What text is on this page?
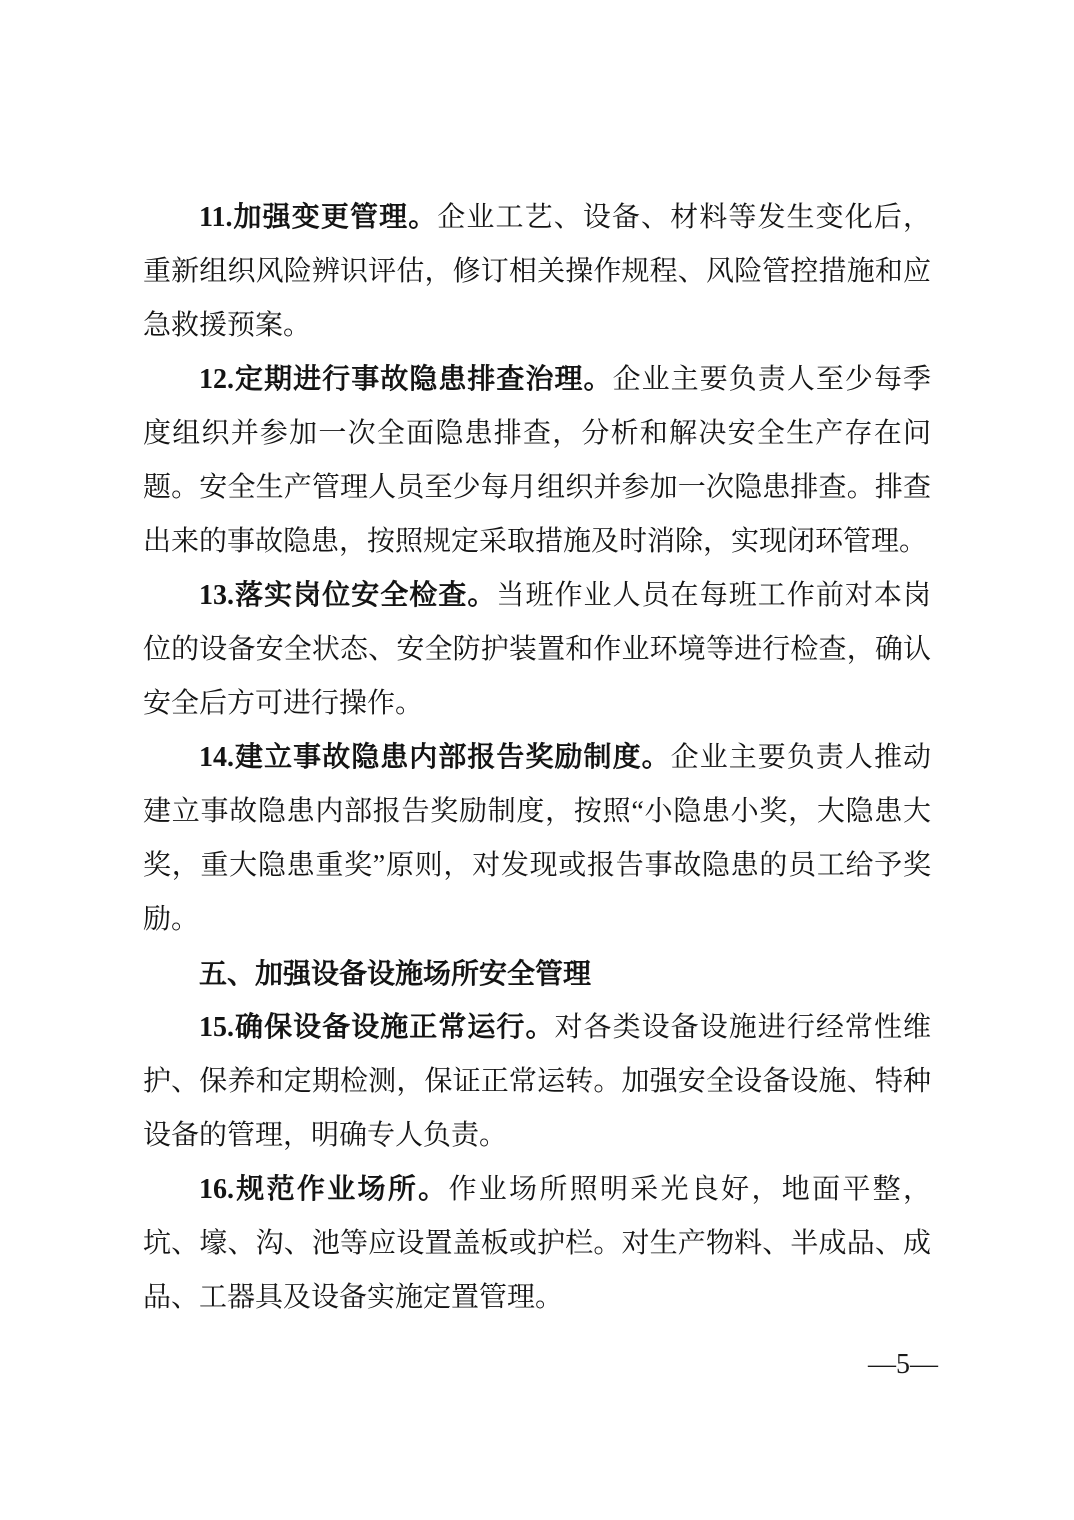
11.加强变更管理。企业工艺、设备、材料等发生变化后，重新组织风险辨识评估，修订相关操作规程、风险管控措施和应急救援预案。

12.定期进行事故隐患排查治理。企业主要负责人至少每季度组织并参加一次全面隐患排查，分析和解决安全生产存在问题。安全生产管理人员至少每月组织并参加一次隐患排查。排查出来的事故隐患，按照规定采取措施及时消除，实现闭环管理。

13.落实岗位安全检查。当班作业人员在每班工作前对本岗位的设备安全状态、安全防护装置和作业环境等进行检查，确认安全后方可进行操作。

14.建立事故隐患内部报告奖励制度。企业主要负责人推动建立事故隐患内部报告奖励制度，按照“小隐患小奖，大隐患大奖，重大隐患重奖”原则，对发现或报告事故隐患的员工给予奖励。

五、加强设备设施场所安全管理

15.确保设备设施正常运行。对各类设备设施进行经常性维护、保养和定期检测，保证正常运转。加强安全设备设施、特种设备的管理，明确专人负责。

16.规范作业场所。作业场所照明采光良好，地面平整，坑、壕、沟、池等应设置盖板或护栏。对生产物料、半成品、成品、工器具及设备实施定置管理。

—5—
